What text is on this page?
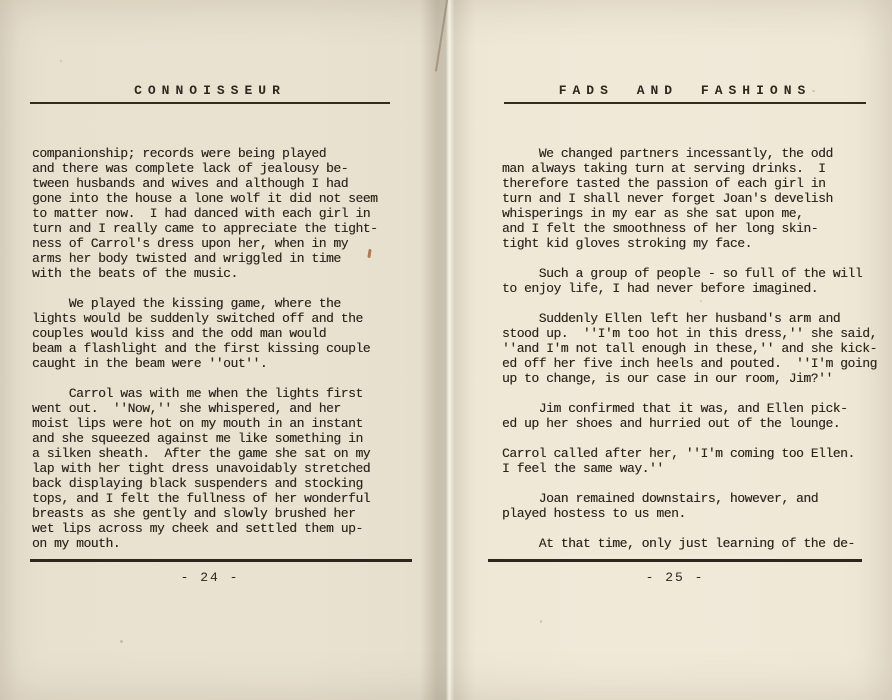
CONNOISSEUR
companionship; records were being played
and there was complete lack of jealousy be-
tween husbands and wives and although I had
gone into the house a lone wolf it did not seem
to matter now.  I had danced with each girl in
turn and I really came to appreciate the tight-
ness of Carrol's dress upon her, when in my
arms her body twisted and wriggled in time
with the beats of the music.
We played the kissing game, where the
lights would be suddenly switched off and the
couples would kiss and the odd man would
beam a flashlight and the first kissing couple
caught in the beam were ''out''.
Carrol was with me when the lights first
went out.  ''Now,'' she whispered, and her
moist lips were hot on my mouth in an instant
and she squeezed against me like something in
a silken sheath.  After the game she sat on my
lap with her tight dress unavoidably stretched
back displaying black suspenders and stocking
tops, and I felt the fullness of her wonderful
breasts as she gently and slowly brushed her
wet lips across my cheek and settled them up-
on my mouth.
- 24 -
FADS AND FASHIONS
We changed partners incessantly, the odd
man always taking turn at serving drinks.  I
therefore tasted the passion of each girl in
turn and I shall never forget Joan's develish
whisperings in my ear as she sat upon me,
and I felt the smoothness of her long skin-
tight kid gloves stroking my face.
Such a group of people - so full of the will
to enjoy life, I had never before imagined.
Suddenly Ellen left her husband's arm and
stood up.  ''I'm too hot in this dress,'' she said,
''and I'm not tall enough in these,'' and she kick-
ed off her five inch heels and pouted.  ''I'm going
up to change, is our case in our room, Jim?''
Jim confirmed that it was, and Ellen pick-
ed up her shoes and hurried out of the lounge.
Carrol called after her, ''I'm coming too Ellen.
I feel the same way.''
Joan remained downstairs, however, and
played hostess to us men.
At that time, only just learning of the de-
- 25 -
